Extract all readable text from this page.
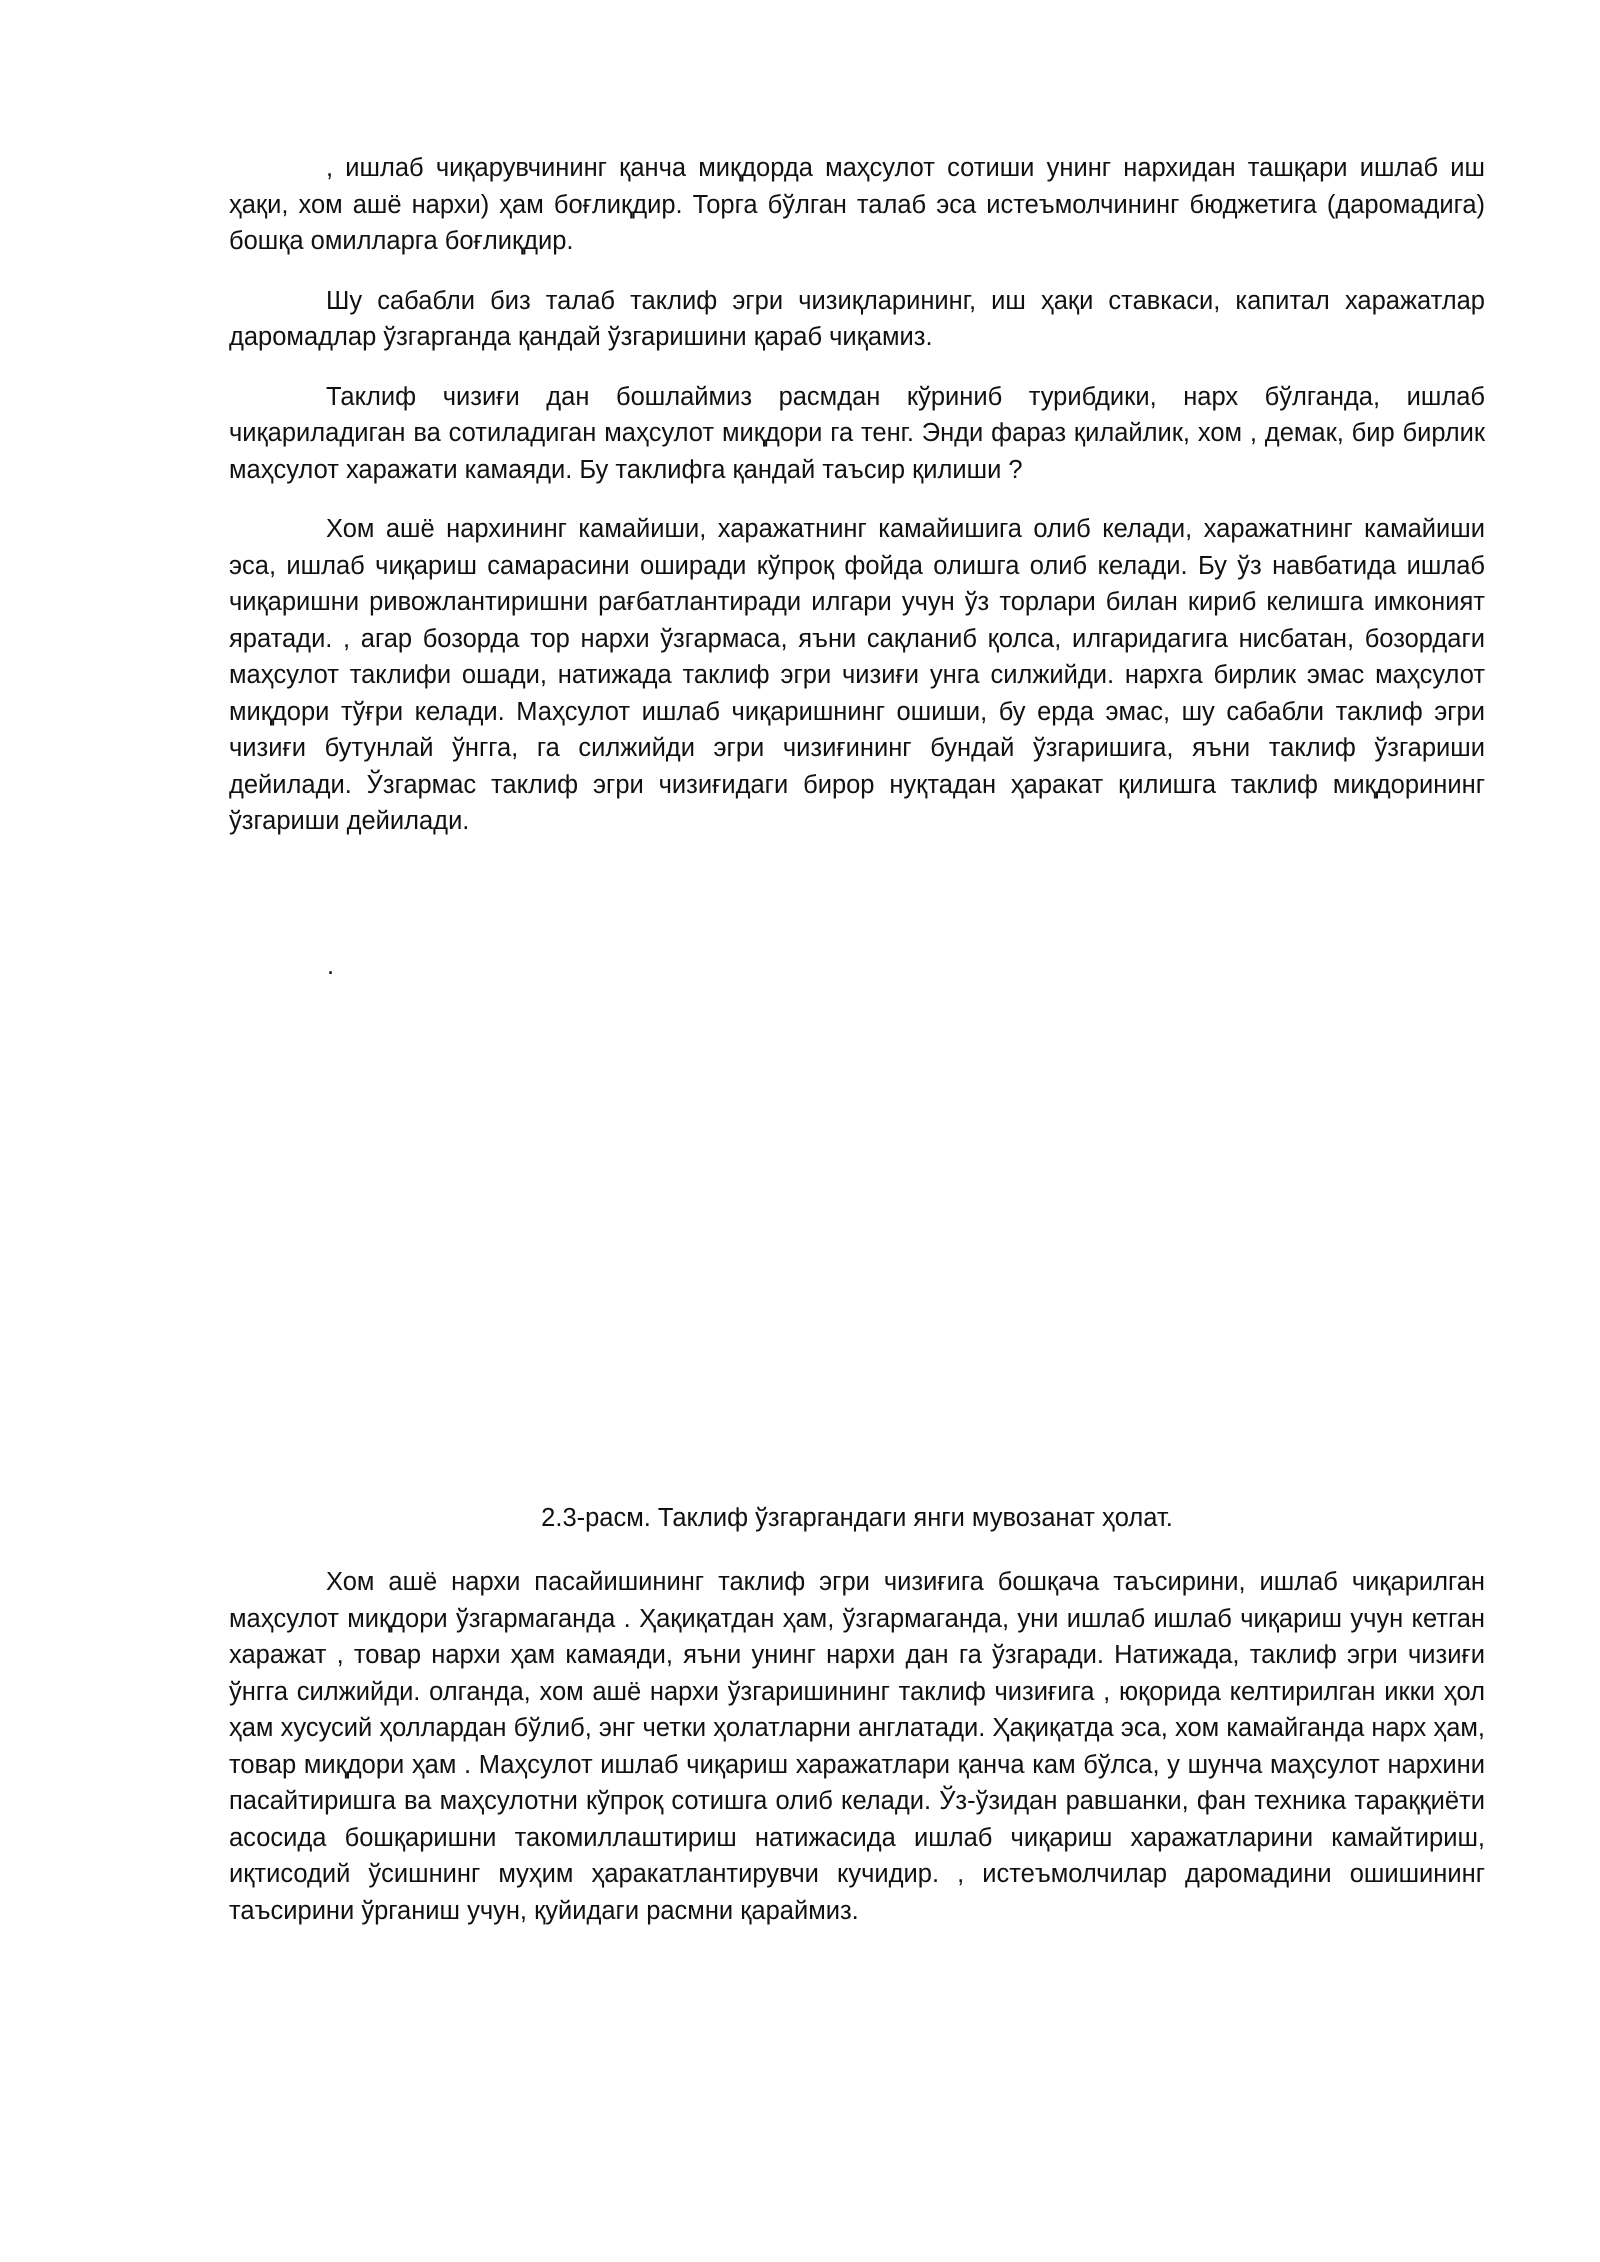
, ишлаб чиқарувчининг қанча миқдорда маҳсулот сотиши унинг нархидан ташқари ишлаб иш ҳақи, хом ашё нархи) ҳам боғлиқдир. Торга бўлган талаб эса истеъмолчининг бюджетига (даромадига) бошқа омилларга боғлиқдир.

Шу сабабли биз талаб таклиф эгри чизиқларининг, иш ҳақи ставкаси, капитал харажатлар даромадлар ўзгарганда қандай ўзгаришини қараб чиқамиз.

Таклиф чизиғи дан бошлаймиз расмдан кўриниб турибдики, нарх бўлганда, ишлаб чиқариладиган ва сотиладиган маҳсулот миқдори га тенг. Энди фараз қилайлик, хом , демак, бир бирлик маҳсулот харажати камаяди. Бу таклифга қандай таъсир қилиши ?

Хом ашё нархининг камайиши, харажатнинг камайишига олиб келади, харажатнинг камайиши эса, ишлаб чиқариш самарасини оширади кўпроқ фойда олишга олиб келади. Бу ўз навбатида ишлаб чиқаришни ривожлантиришни рағбатлантиради илгари учун ўз торлари билан кириб келишга имконият яратади. , агар бозорда тор нархи ўзгармаса, яъни сақланиб қолса, илгаридагига нисбатан, бозордаги маҳсулот таклифи ошади, натижада таклиф эгри чизиғи унга силжийди. нархга бирлик эмас маҳсулот миқдори тўғри келади. Маҳсулот ишлаб чиқаришнинг ошиши, бу ерда эмас, шу сабабли таклиф эгри чизиғи бутунлай ўнгга, га силжийди эгри чизиғининг бундай ўзгаришига, яъни таклиф ўзгариши дейилади. Ўзгармас таклиф эгри чизиғидаги бирор нуқтадан ҳаракат қилишга таклиф миқдорининг ўзгариши дейилади.

.

2.3-расм. Таклиф ўзгаргандаги янги мувозанат ҳолат.

Хом ашё нархи пасайишининг таклиф эгри чизиғига бошқача таъсирини, ишлаб чиқарилган маҳсулот миқдори ўзгармаганда . Ҳақиқатдан ҳам, ўзгармаганда, уни ишлаб ишлаб чиқариш учун кетган харажат , товар нархи ҳам камаяди, яъни унинг нархи дан га ўзгаради. Натижада, таклиф эгри чизиғи ўнгга силжийди. олганда, хом ашё нархи ўзгаришининг таклиф чизиғига , юқорида келтирилган икки ҳол ҳам хусусий ҳоллардан бўлиб, энг четки ҳолатларни англатади. Ҳақиқатда эса, хом камайганда нарх ҳам, товар миқдори ҳам . Маҳсулот ишлаб чиқариш харажатлари қанча кам бўлса, у шунча маҳсулот нархини пасайтиришга ва маҳсулотни кўпроқ сотишга олиб келади. Ўз-ўзидан равшанки, фан техника тараққиёти асосида бошқаришни такомиллаштириш натижасида ишлаб чиқариш харажатларини камайтириш, иқтисодий ўсишнинг муҳим ҳаракатлантирувчи кучидир. , истеъмолчилар даромадини ошишининг таъсирини ўрганиш учун, қуйидаги расмни қараймиз.
